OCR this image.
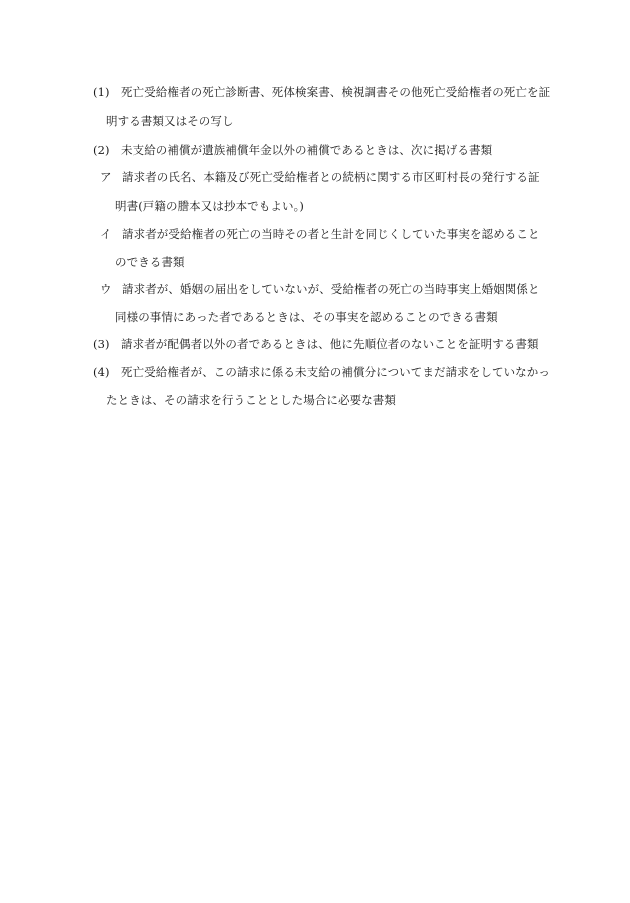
(1) 死亡受給権者の死亡診断書、死体検案書、検視調書その他死亡受給権者の死亡を証
明する書類又はその写し
(2) 未支給の補償が遺族補償年金以外の補償であるときは、次に掲げる書類
ア 請求者の氏名、本籍及び死亡受給権者との続柄に関する市区町村長の発行する証
明書(戸籍の謄本又は抄本でもよい。)
イ 請求者が受給権者の死亡の当時その者と生計を同じくしていた事実を認めること
のできる書類
ウ 請求者が、婚姻の届出をしていないが、受給権者の死亡の当時事実上婚姻関係と
同様の事情にあった者であるときは、その事実を認めることのできる書類
(3) 請求者が配偶者以外の者であるときは、他に先順位者のないことを証明する書類
(4) 死亡受給権者が、この請求に係る未支給の補償分についてまだ請求をしていなかっ
たときは、その請求を行うこととした場合に必要な書類
